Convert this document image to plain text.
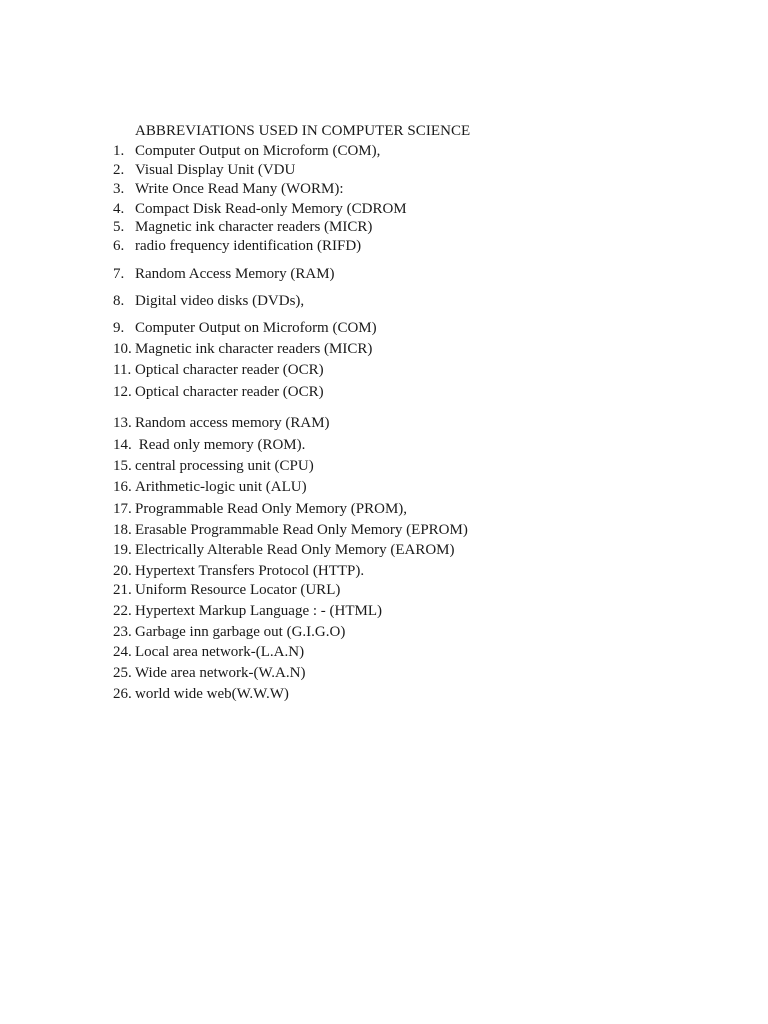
ABBREVIATIONS USED IN COMPUTER SCIENCE
1. Computer Output on Microform (COM),
2. Visual Display Unit (VDU
3. Write Once Read Many (WORM):
4. Compact Disk Read-only Memory (CDROM
5. Magnetic ink character readers (MICR)
6. radio frequency identification (RIFD)
7. Random Access Memory (RAM)
8. Digital video disks (DVDs),
9. Computer Output on Microform (COM)
10. Magnetic ink character readers (MICR)
11. Optical character reader (OCR)
12. Optical character reader (OCR)
13. Random access memory (RAM)
14. Read only memory (ROM).
15. central processing unit (CPU)
16. Arithmetic-logic unit (ALU)
17. Programmable Read Only Memory (PROM),
18. Erasable Programmable Read Only Memory (EPROM)
19. Electrically Alterable Read Only Memory (EAROM)
20. Hypertext Transfers Protocol (HTTP).
21. Uniform Resource Locator (URL)
22. Hypertext Markup Language : - (HTML)
23. Garbage inn garbage out (G.I.G.O)
24. Local area network-(L.A.N)
25. Wide area network-(W.A.N)
26. world wide web(W.W.W)
